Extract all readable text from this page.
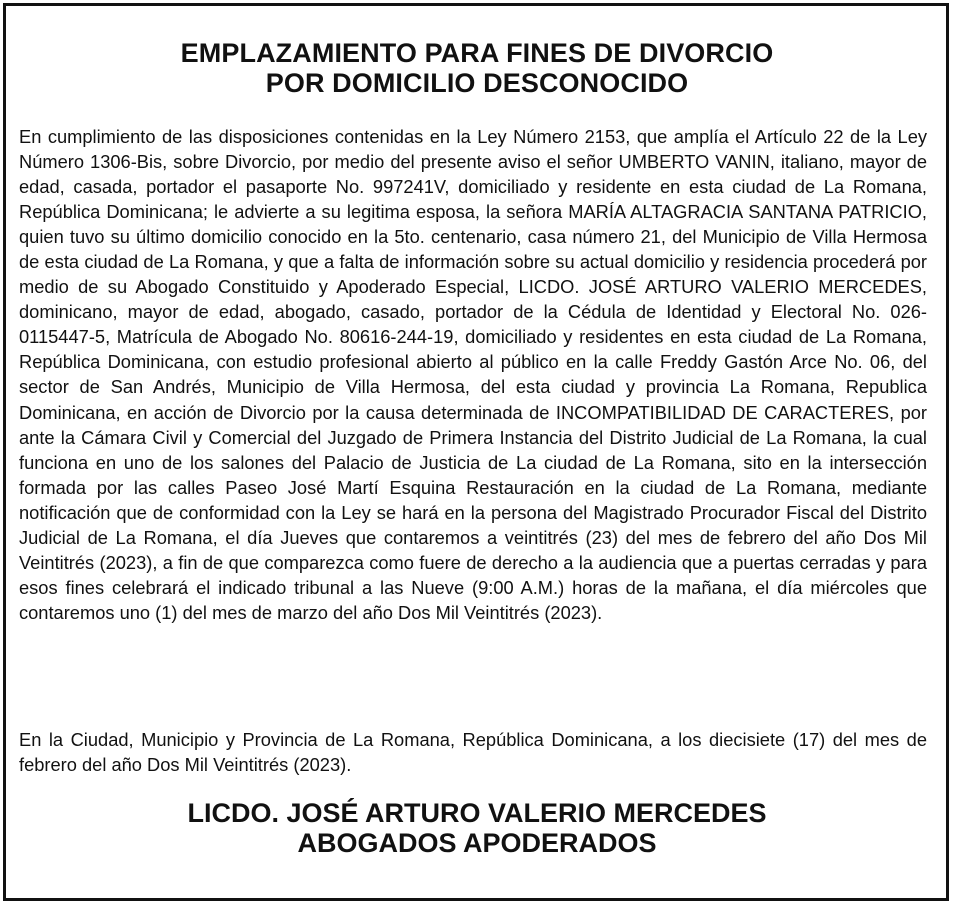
EMPLAZAMIENTO PARA FINES DE DIVORCIO
POR DOMICILIO DESCONOCIDO

En cumplimiento de las disposiciones contenidas en la Ley Número 2153, que amplía el Artículo 22 de la Ley Número 1306-Bis, sobre Divorcio, por medio del presente aviso el señor UMBERTO VANIN, italiano, mayor de edad, casada, portador el pasaporte No. 997241V, domiciliado y residente en esta ciudad de La Romana, República Dominicana; le advierte a su legitima esposa, la señora MARÍA ALTAGRACIA SANTANA PATRICIO, quien tuvo su último domicilio conocido en la 5to. centenario, casa número 21, del Municipio de Villa Hermosa de esta ciudad de La Romana, y que a falta de información sobre su actual domicilio y residencia procederá por medio de su Abogado Constituido y Apoderado Especial, LICDO. JOSÉ ARTURO VALERIO MERCEDES, dominicano, mayor de edad, abogado, casado, portador de la Cédula de Identidad y Electoral No. 026-0115447-5, Matrícula de Abogado No. 80616-244-19, domiciliado y residentes en esta ciudad de La Romana, República Dominicana, con estudio profesional abierto al público en la calle Freddy Gastón Arce No. 06, del sector de San Andrés, Municipio de Villa Hermosa, del esta ciudad y provincia La Romana, Republica Dominicana, en acción de Divorcio por la causa determinada de INCOMPATIBILIDAD DE CARACTERES, por ante la Cámara Civil y Comercial del Juzgado de Primera Instancia del Distrito Judicial de La Romana, la cual funciona en uno de los salones del Palacio de Justicia de La ciudad de La Romana, sito en la intersección formada por las calles Paseo José Martí Esquina Restauración en la ciudad de La Romana, mediante notificación que de conformidad con la Ley se hará en la persona del Magistrado Procurador Fiscal del Distrito Judicial de La Romana, el día Jueves que contaremos a veintitrés (23) del mes de febrero del año Dos Mil Veintitrés (2023), a fin de que comparezca como fuere de derecho a la audiencia que a puertas cerradas y para esos fines celebrará el indicado tribunal a las Nueve (9:00 A.M.) horas de la mañana, el día miércoles que contaremos uno (1) del mes de marzo del año Dos Mil Veintitrés (2023).

En la Ciudad, Municipio y Provincia de La Romana, República Dominicana, a los diecisiete (17) del mes de febrero del año Dos Mil Veintitrés (2023).

LICDO. JOSÉ ARTURO VALERIO MERCEDES
ABOGADOS APODERADOS
